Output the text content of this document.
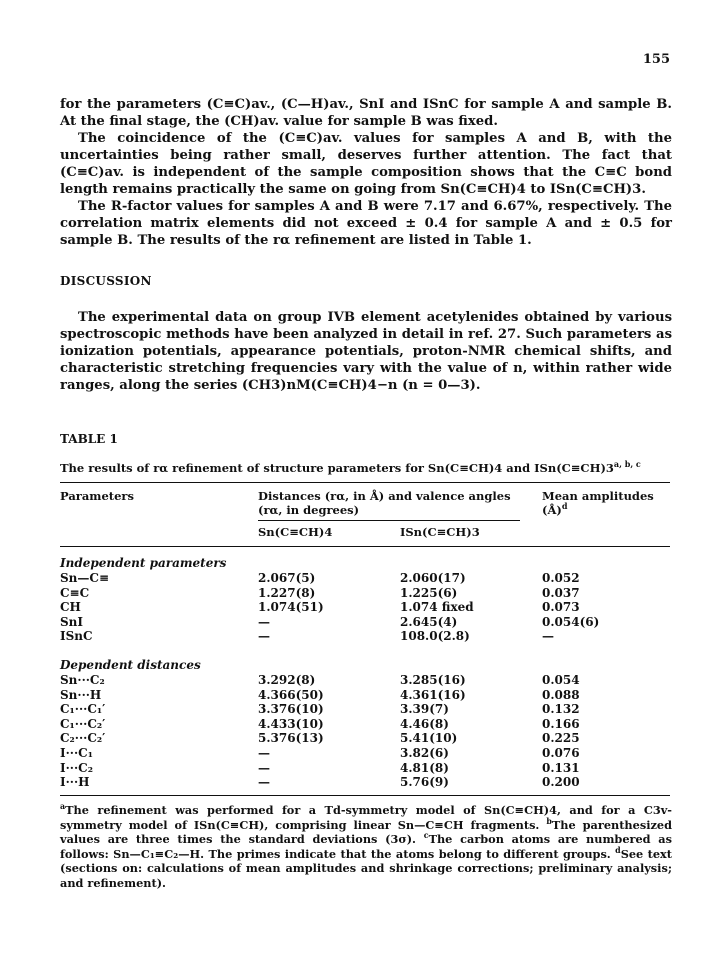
155

for the parameters (C≡C)av., (C—H)av., SnI and ISnC for sample A and sample B. At the final stage, the (CH)av. value for sample B was fixed.

The coincidence of the (C≡C)av. values for samples A and B, with the uncertainties being rather small, deserves further attention. The fact that (C≡C)av. is independent of the sample composition shows that the C≡C bond length remains practically the same on going from Sn(C≡CH)4 to ISn(C≡CH)3.

The R-factor values for samples A and B were 7.17 and 6.67%, respectively. The correlation matrix elements did not exceed ± 0.4 for sample A and ± 0.5 for sample B. The results of the rα refinement are listed in Table 1.

DISCUSSION

The experimental data on group IVB element acetylenides obtained by various spectroscopic methods have been analyzed in detail in ref. 27. Such parameters as ionization potentials, appearance potentials, proton-NMR chemical shifts, and characteristic stretching frequencies vary with the value of n, within rather wide ranges, along the series (CH3)nM(C≡CH)4−n (n = 0—3).

TABLE 1
The results of rα refinement of structure parameters for Sn(C≡CH)4 and $ISn(C\equiv CH)3^{a, b, c}$
Parameters	Distances (rα, in Å) and valence angles (rα, in degrees)
Mean amplitudes (Å)$^d$
Sn(C≡CH)4	ISn(C≡CH)3
Independent parameters
Sn—C≡	2.067(5)	2.060(17)	0.052
C≡C	1.227(8)	1.225(6)	0.037
CH	1.074(51)	1.074 fixed	0.073
SnI	—	2.645(4)	0.054(6)
ISnC	—	108.0(2.8)	—
Dependent distances
Sn···C₂	3.292(8)	3.285(16)	0.054
Sn···H	4.366(50)	4.361(16)	0.088
C₁···C₁′	3.376(10)	3.39(7)	0.132
C₁···C₂′	4.433(10)	4.46(8)	0.166
C₂···C₂′	5.376(13)	5.41(10)	0.225
I···C₁	—	3.82(6)	0.076
I···C₂	—	4.81(8)	0.131
I···H	—	5.76(9)	0.200
$^a$The refinement was performed for a Td-symmetry model of Sn(C≡CH)4, and for a C3v-symmetry model of ISn(C≡CH), comprising linear Sn—C≡CH fragments. $^b$The parenthesized values are three times the standard deviations (3σ). $^c$The carbon atoms are numbered as follows: Sn—C₁≡C₂—H. The primes indicate that the atoms belong to different groups. $^d$See text (sections on: calculations of mean amplitudes and shrinkage corrections; preliminary analysis; and refinement).
